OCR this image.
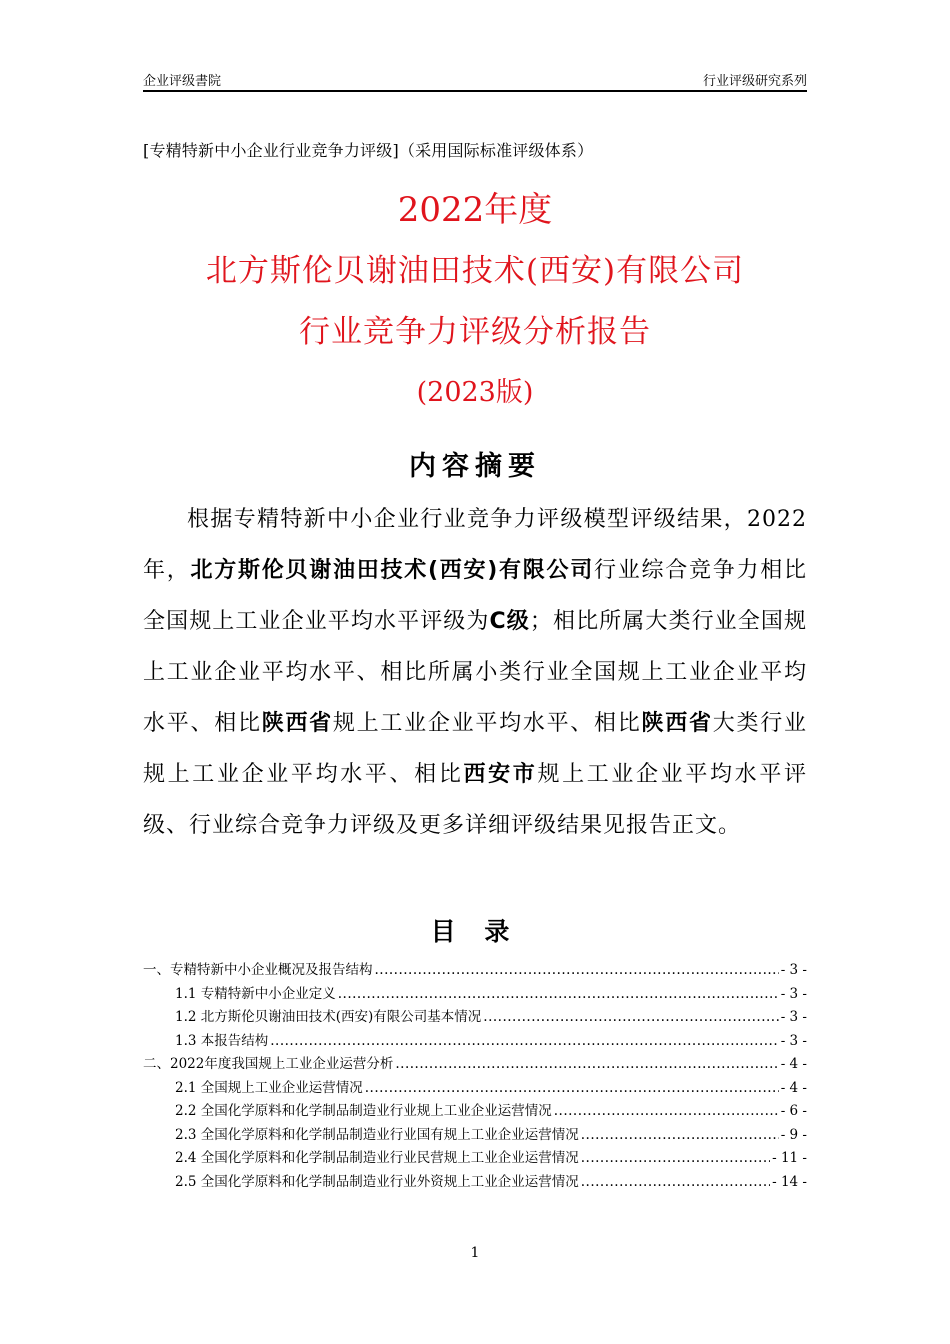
企业评级書院	行业评级研究系列
[专精特新中小企业行业竞争力评级]（采用国际标准评级体系）
2022年度
北方斯伦贝谢油田技术(西安)有限公司
行业竞争力评级分析报告
(2023版)
内容摘要

根据专精特新中小企业行业竞争力评级模型评级结果，2022年，北方斯伦贝谢油田技术(西安)有限公司行业综合竞争力相比全国规上工业企业平均水平评级为C级；相比所属大类行业全国规上工业企业平均水平、相比所属小类行业全国规上工业企业平均水平、相比陕西省规上工业企业平均水平、相比陕西省大类行业规上工业企业平均水平、相比西安市规上工业企业平均水平评级、行业综合竞争力评级及更多详细评级结果见报告正文。

目 录
一、专精特新中小企业概况及报告结构 .....	- 3 -
1.1 专精特新中小企业定义 .....	- 3 -
1.2 北方斯伦贝谢油田技术(西安)有限公司基本情况 .....	- 3 -
1.3 本报告结构 .....	- 3 -
二、2022年度我国规上工业企业运营分析 .....	- 4 -
2.1 全国规上工业企业运营情况 .....	- 4 -
2.2 全国化学原料和化学制品制造业行业规上工业企业运营情况 .....	- 6 -
2.3 全国化学原料和化学制品制造业行业国有规上工业企业运营情况 .....	- 9 -
2.4 全国化学原料和化学制品制造业行业民营规上工业企业运营情况 .....	- 11 -
2.5 全国化学原料和化学制品制造业行业外资规上工业企业运营情况 .....	- 14 -
1
